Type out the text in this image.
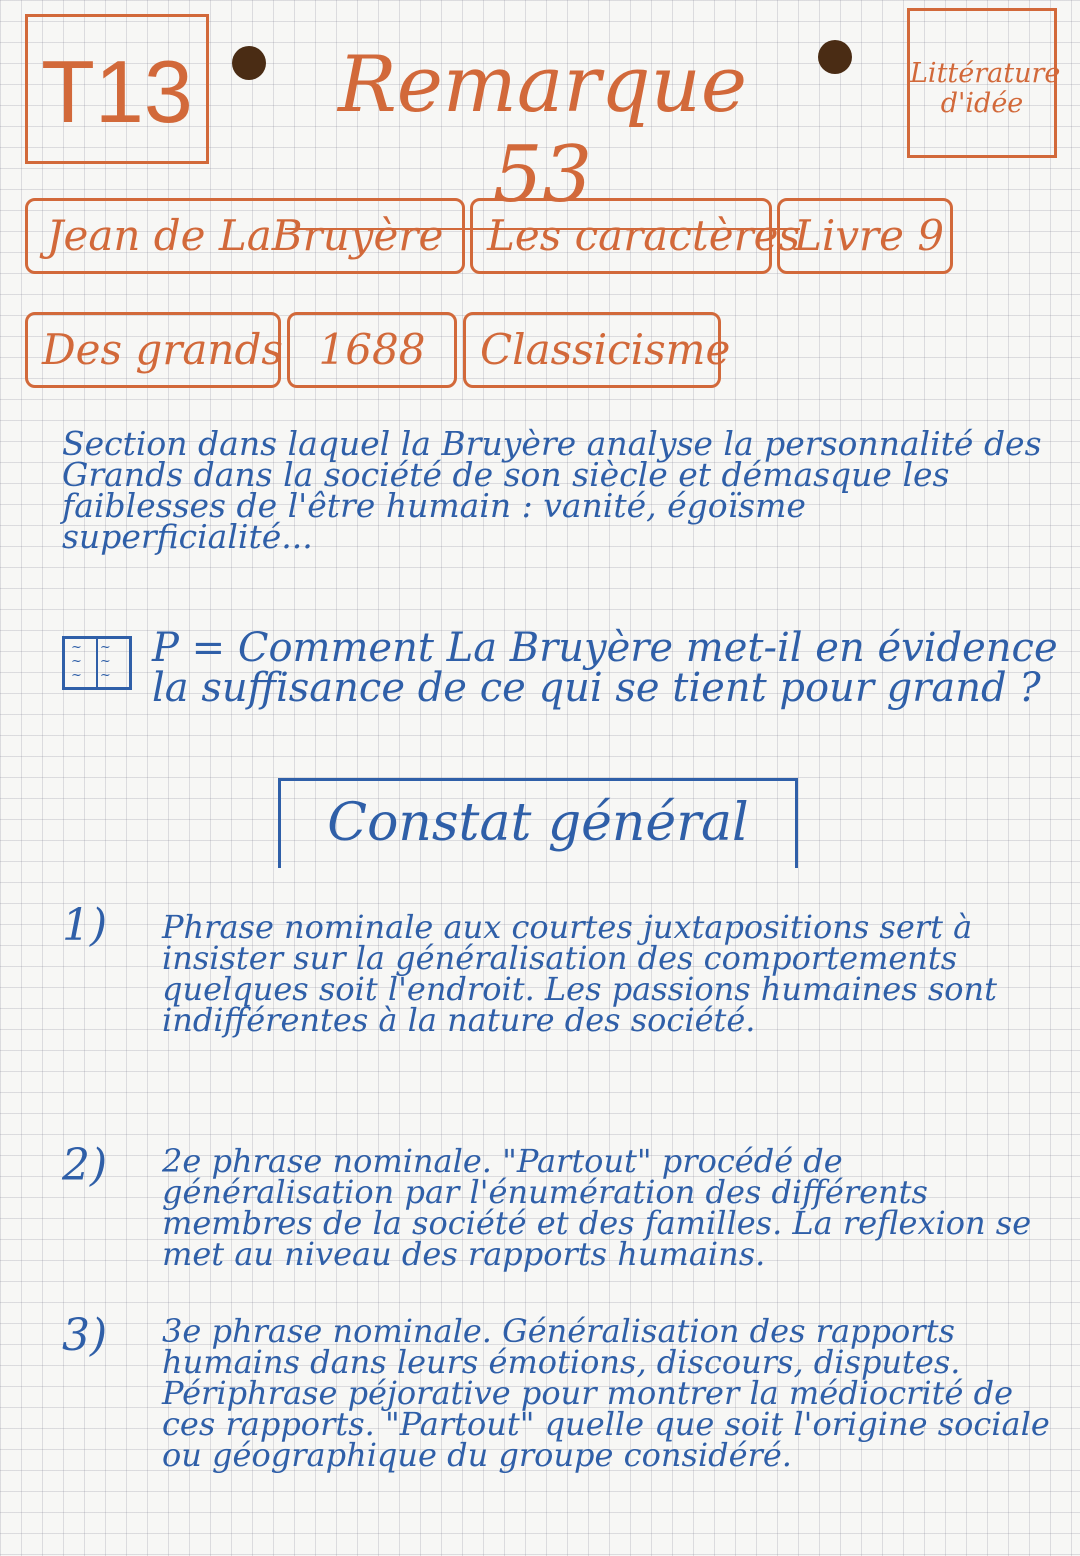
T13	Remarque 53
Littérature d'idée
Jean de LaBruyère	Les caractères
Livre 9
Des grands 1688	Classicisme
Section dans laquel la Bruyère analyse la personnalité des Grands dans la société de son siècle et démasque les faiblesses de l'être humain : vanité, égoïsme superficialité...
~~ ~~ ~~
P = Comment La Bruyère met-il en évidence la suffisance de ce qui se tient pour grand ?
Constat général
1) Phrase nominale aux courtes juxtapositions sert à insister sur la généralisation des comportements quelques soit l'endroit. Les passions humaines sont indifférentes à la nature des société.
2) 2e phrase nominale. "Partout" procédé de généralisation par l'énumération des différents membres de la société et des familles. La reflexion se met au niveau des rapports humains.
3) 3e phrase nominale. Généralisation des rapports humains dans leurs émotions, discours, disputes. Périphrase péjorative pour montrer la médiocrité de ces rapports. "Partout" quelle que soit l'origine sociale ou géographique du groupe considéré.
